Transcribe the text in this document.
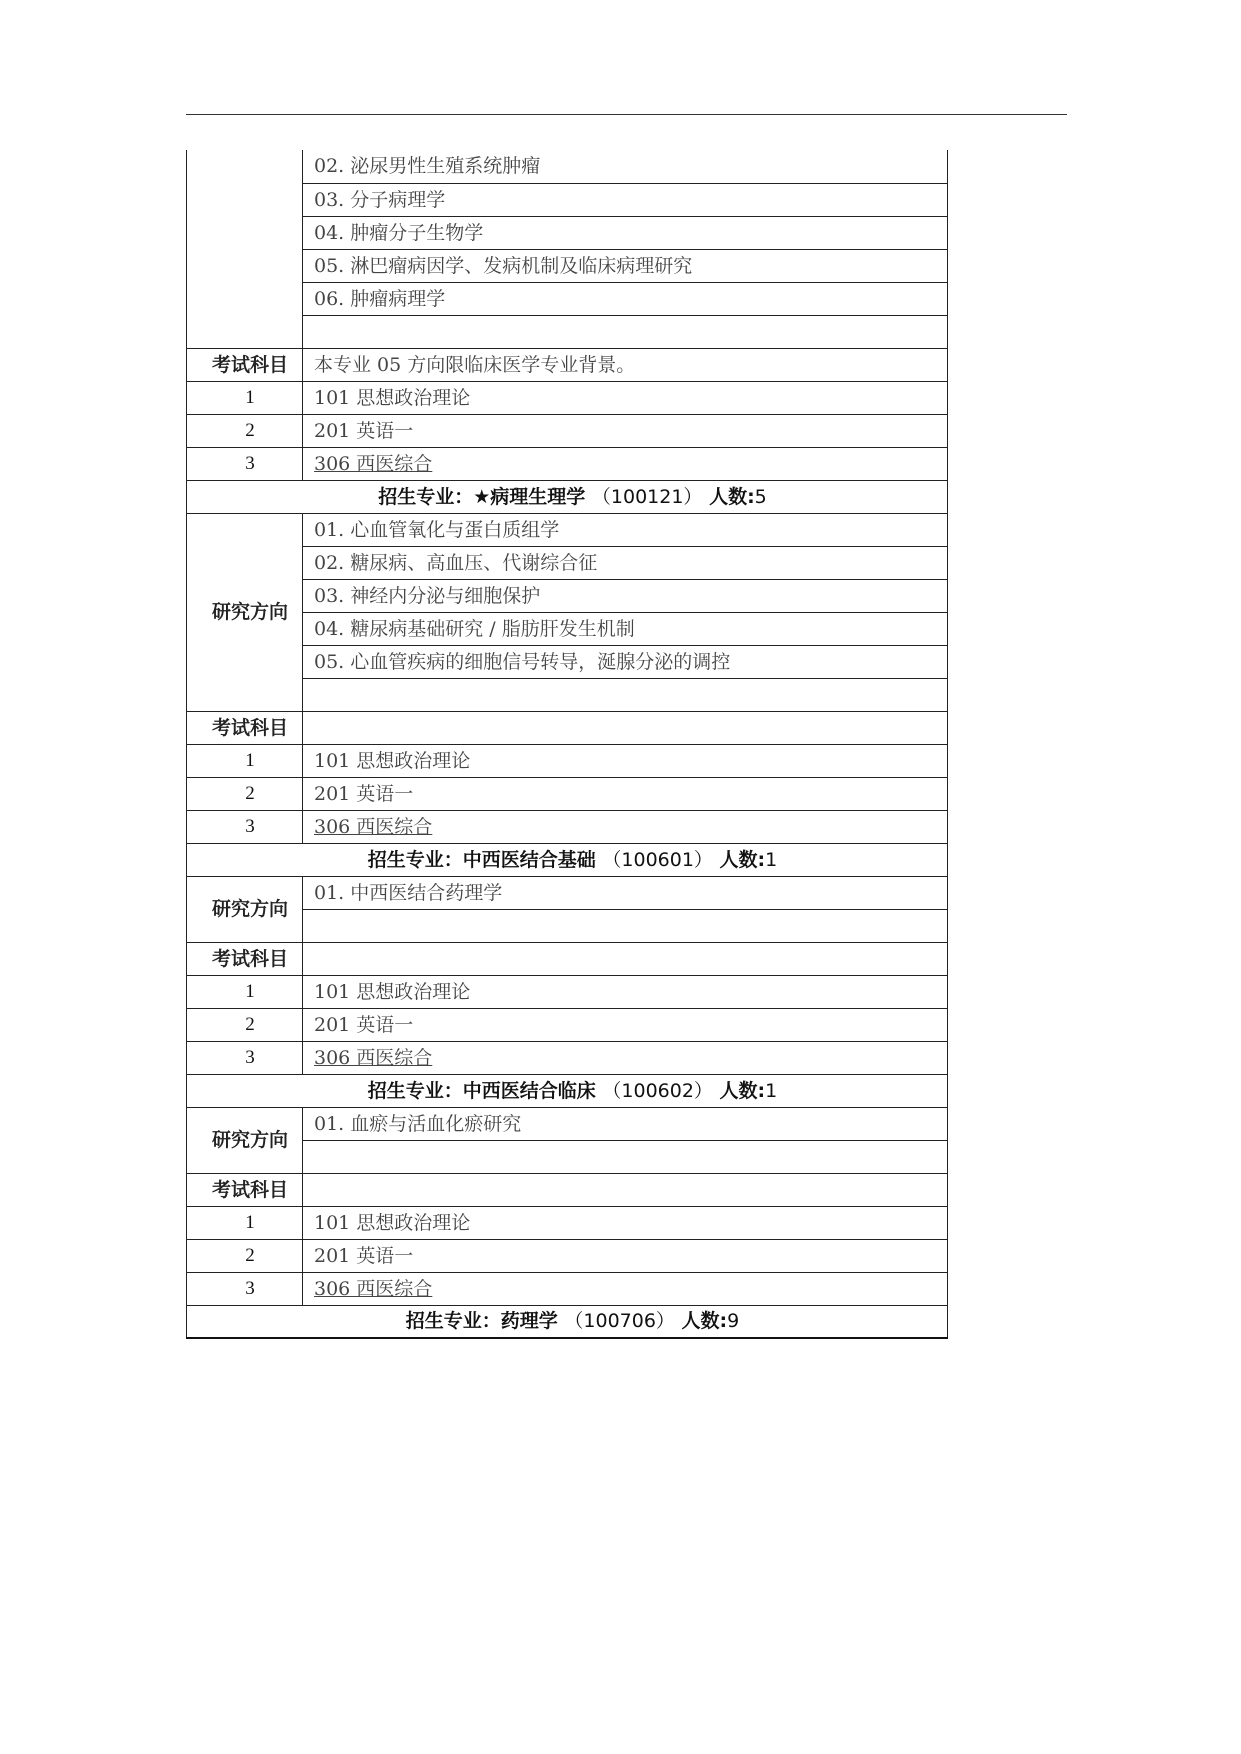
	02. 泌尿男性生殖系统肿瘤
	03. 分子病理学
	04. 肿瘤分子生物学
	05. 淋巴瘤病因学、发病机制及临床病理研究
	06. 肿瘤病理学

考试科目	本专业 05 方向限临床医学专业背景。
1	101 思想政治理论
2	201 英语一
3	306 西医综合
招生专业：★病理生理学 （100121） 人数:5	
研究方向	01. 心血管氧化与蛋白质组学
	02. 糖尿病、高血压、代谢综合征
	03. 神经内分泌与细胞保护
	04. 糖尿病基础研究 / 脂肪肝发生机制
	05. 心血管疾病的细胞信号转导，涎腺分泌的调控

考试科目	
1	101 思想政治理论
2	201 英语一
3	306 西医综合
招生专业：中西医结合基础 （100601） 人数:1	
研究方向	01. 中西医结合药理学

考试科目	
1	101 思想政治理论
2	201 英语一
3	306 西医综合
招生专业：中西医结合临床 （100602） 人数:1	
研究方向	01. 血瘀与活血化瘀研究

考试科目	
1	101 思想政治理论
2	201 英语一
3	306 西医综合
招生专业：药理学 （100706） 人数:9	
